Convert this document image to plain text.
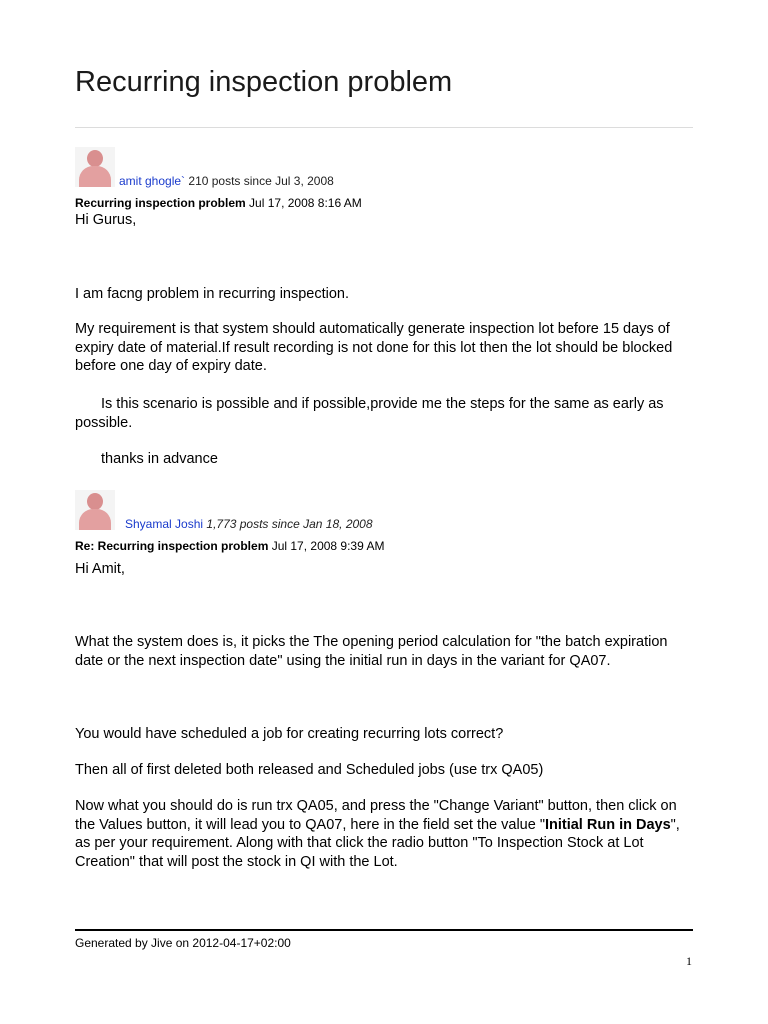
Recurring inspection problem
amit ghogle` 210 posts since Jul 3, 2008
Recurring inspection problem Jul 17, 2008 8:16 AM

Hi Gurus,

I am facng problem in recurring inspection.

My requirement is that system should automatically generate inspection lot before 15 days of expiry date of material.If result recording is not done for this lot then the lot should be blocked before one day of expiry date.

Is this scenario is possible and if possible,provide me the steps for the same as early as possible.

thanks in advance

Shyamal Joshi 1,773 posts since Jan 18, 2008
Re: Recurring inspection problem Jul 17, 2008 9:39 AM

Hi Amit,

What the system does is, it picks the The opening period calculation for "the batch expiration date or the next inspection date" using the initial run in days in the variant for QA07.

You would have scheduled a job for creating recurring lots correct?

Then all of first deleted both released and Scheduled jobs (use trx QA05)

Now what you should do is run trx QA05, and press the "Change Variant" button, then click on the Values button, it will lead you to QA07, here in the field set the value "Initial Run in Days", as per your requirement. Along with that click the radio button "To Inspection Stock at Lot Creation" that will post the stock in QI with the Lot.

Generated by Jive on 2012-04-17+02:00
1
